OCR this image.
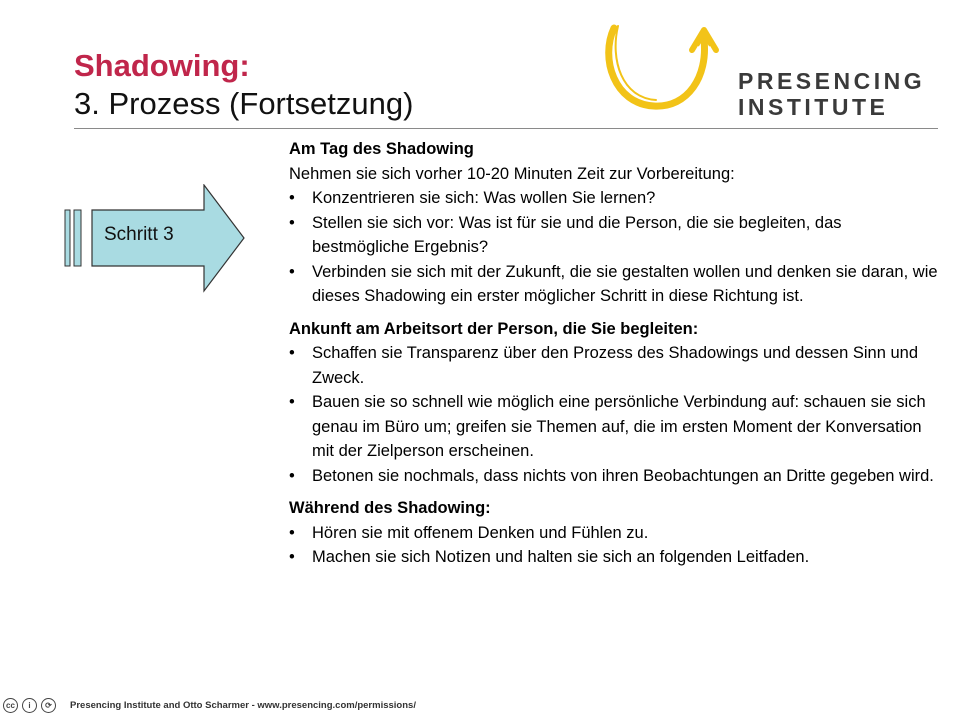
Shadowing:
3. Prozess (Fortsetzung)
PRESENCING
INSTITUTE
Schritt 3
Am Tag des Shadowing

Nehmen sie sich vorher 10-20 Minuten Zeit zur Vorbereitung:

• Konzentrieren sie sich: Was wollen Sie lernen?
• Stellen sie sich vor: Was ist für sie und die Person, die sie begleiten, das bestmögliche Ergebnis?
• Verbinden sie sich mit der Zukunft, die sie gestalten wollen und denken sie daran, wie dieses Shadowing ein erster möglicher Schritt in diese Richtung ist.
Ankunft am Arbeitsort der Person, die Sie begleiten:
• Schaffen sie Transparenz über den Prozess des Shadowings und dessen Sinn und Zweck.
• Bauen sie so schnell wie möglich eine persönliche Verbindung auf: schauen sie sich genau im Büro um; greifen sie Themen auf, die im ersten Moment der Konversation mit der Zielperson erscheinen.
• Betonen sie nochmals, dass nichts von ihren Beobachtungen an Dritte gegeben wird.
Während des Shadowing:
• Hören sie mit offenem Denken und Fühlen zu.
• Machen sie sich Notizen und halten sie sich an folgenden Leitfaden.
cc	i	⟳	Presencing Institute and Otto Scharmer - www.presencing.com/permissions/
